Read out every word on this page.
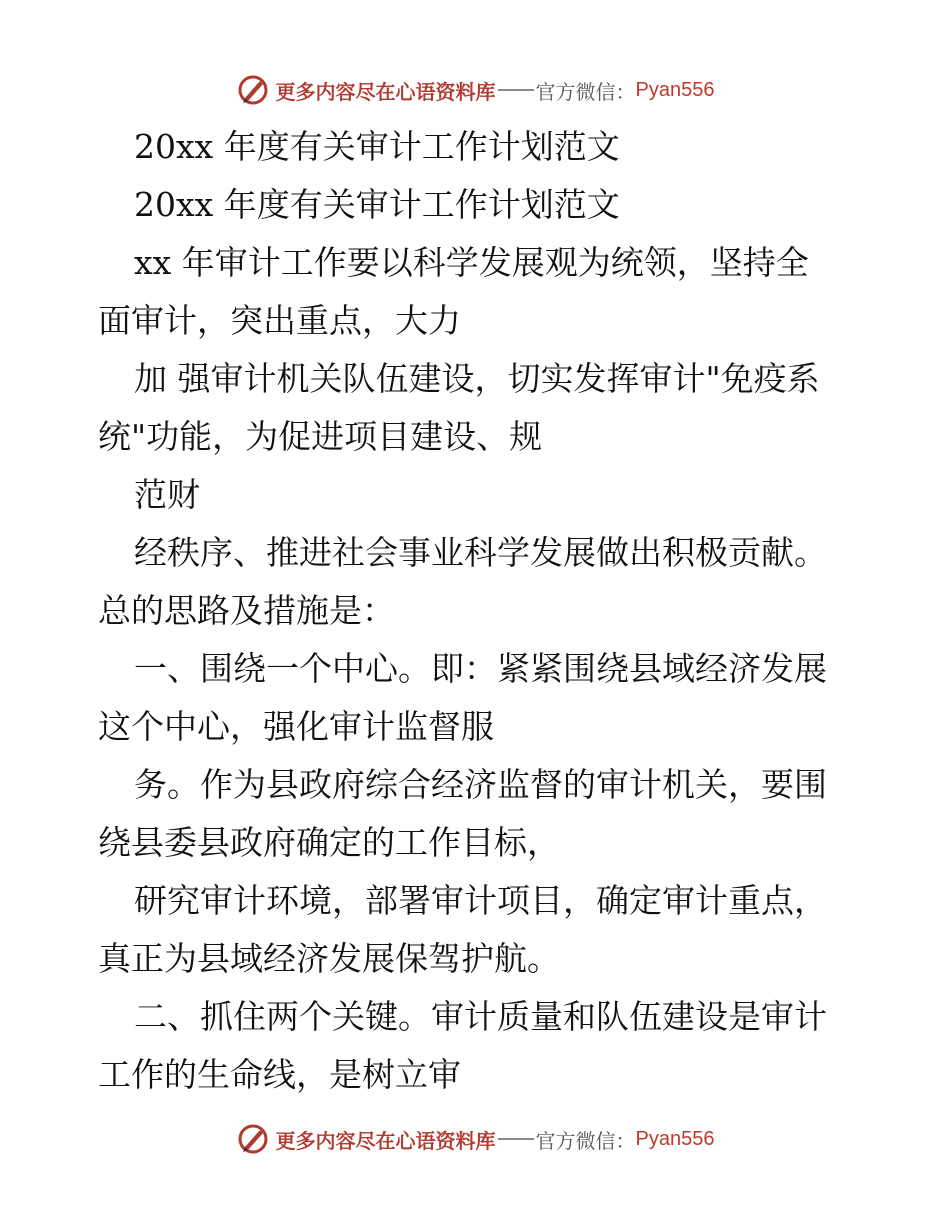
更多内容尽在心语资料库 官方微信： Pyan556
20xx 年度有关审计工作计划范文
20xx 年度有关审计工作计划范文
xx 年审计工作要以科学发展观为统领，坚持全
面审计，突出重点，大力
加 强审计机关队伍建设，切实发挥审计"免疫系
统"功能，为促进项目建设、规
范财
经秩序、推进社会事业科学发展做出积极贡献。
总的思路及措施是：
一、围绕一个中心。即：紧紧围绕县域经济发展
这个中心，强化审计监督服
务。作为县政府综合经济监督的审计机关，要围
绕县委县政府确定的工作目标，
研究审计环境，部署审计项目，确定审计重点，
真正为县域经济发展保驾护航。
二、抓住两个关键。审计质量和队伍建设是审计
工作的生命线，是树立审
更多内容尽在心语资料库 官方微信： Pyan556
